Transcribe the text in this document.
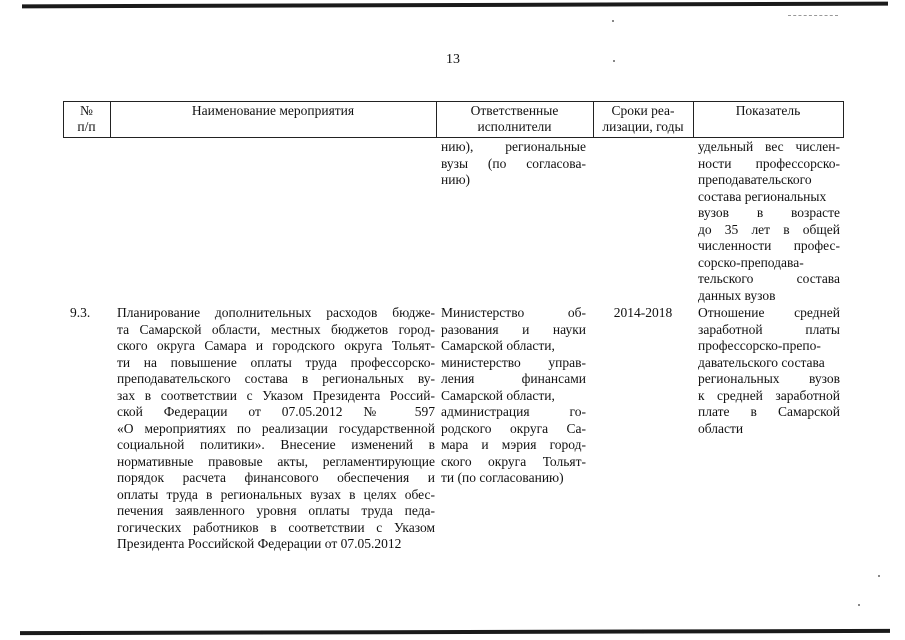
13
№
п/п
Наименование мероприятия	Ответственные
исполнители
Сроки реа-
лизации, годы
Показатель
нию), региональные
вузы (по согласова-
нию)
удельный вес числен-
ности профессорско-
преподавательского
состава региональных
вузов в возрасте
до 35 лет в общей
численности профес-
сорско-преподава-
тельского состава
данных вузов
9.3. Планирование дополнительных расходов бюдже-
та Самарской области, местных бюджетов город-
ского округа Самара и городского округа Тольят-
ти на повышение оплаты труда профессорско-
преподавательского состава в региональных ву-
зах в соответствии с Указом Президента Россий-
ской Федерации от 07.05.2012 № 597
«О мероприятиях по реализации государственной
социальной политики». Внесение изменений в
нормативные правовые акты, регламентирующие
порядок расчета финансового обеспечения и
оплаты труда в региональных вузах в целях обес-
печения заявленного уровня оплаты труда педа-
гогических работников в соответствии с Указом
Президента Российской Федерации от 07.05.2012
Министерство об-
разования и науки
Самарской области,
министерство управ-
ления финансами
Самарской области,
администрация го-
родского округа Са-
мара и мэрия город-
ского округа Тольят-
ти (по согласованию)
2014-2018	Отношение средней
заработной платы
профессорско-препо-
давательского состава
региональных вузов
к средней заработной
плате в Самарской
области
